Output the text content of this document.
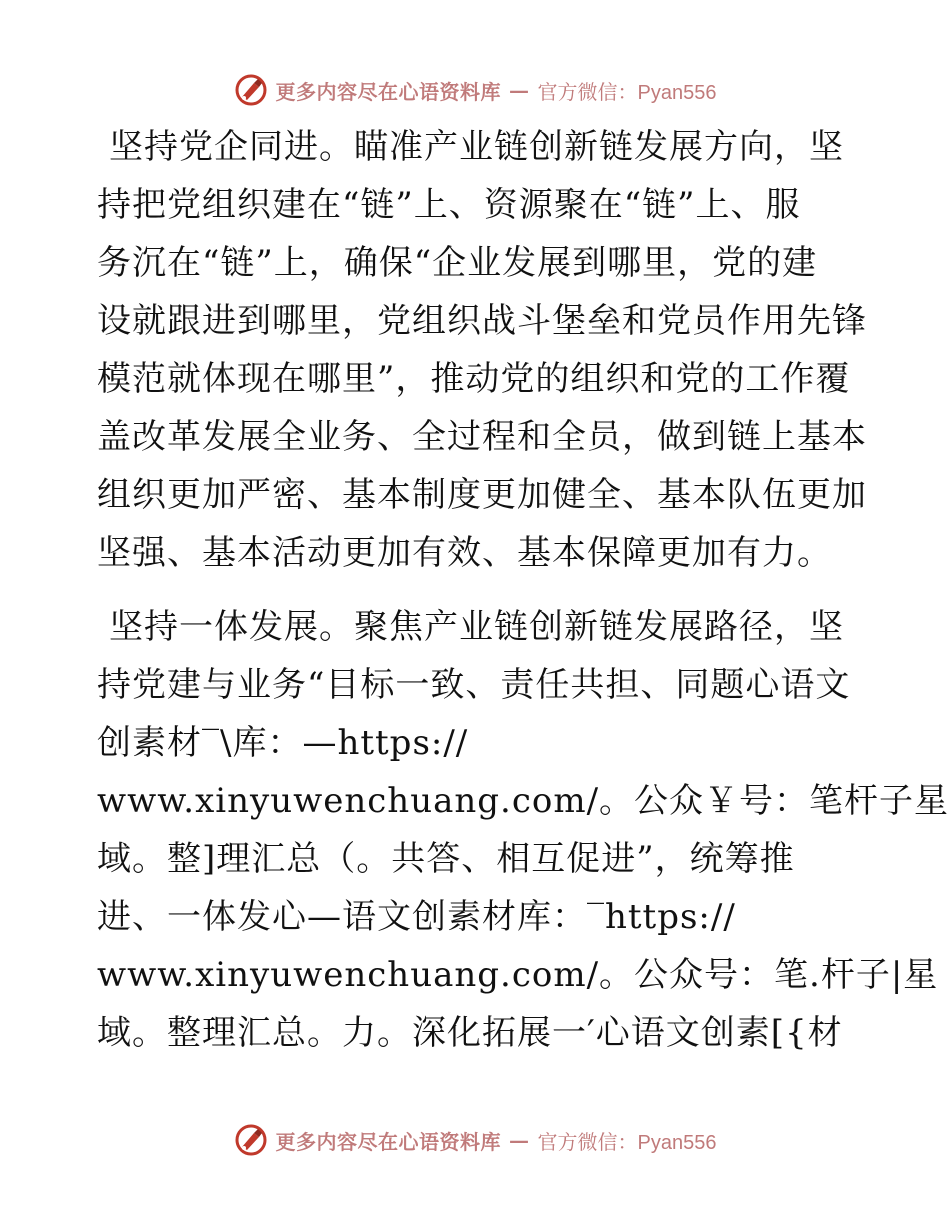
更多内容尽在心语资料库 — 官方微信：Pyan556
坚持党企同进。瞄准产业链创新链发展方向，坚
持把党组织建在“链”上、资源聚在“链”上、服
务沉在“链”上，确保“企业发展到哪里，党的建
设就跟进到哪里，党组织战斗堡垒和党员作用先锋
模范就体现在哪里”，推动党的组织和党的工作覆
盖改革发展全业务、全过程和全员，做到链上基本
组织更加严密、基本制度更加健全、基本队伍更加
坚强、基本活动更加有效、基本保障更加有力。
坚持一体发展。聚焦产业链创新链发展路径，坚
持党建与业务“目标一致、责任共担、同题心语文
创素材‾\库：—https://
www.xinyuwenchuang.com/。公众￥号：笔杆子星
域。整]理汇总（。共答、相互促进”，统筹推
进、一体发心—语文创素材库：‾https://
www.xinyuwenchuang.com/。公众号：笔.杆子|星
域。整理汇总。力。深化拓展一′心语文创素[{材
更多内容尽在心语资料库 — 官方微信：Pyan556
